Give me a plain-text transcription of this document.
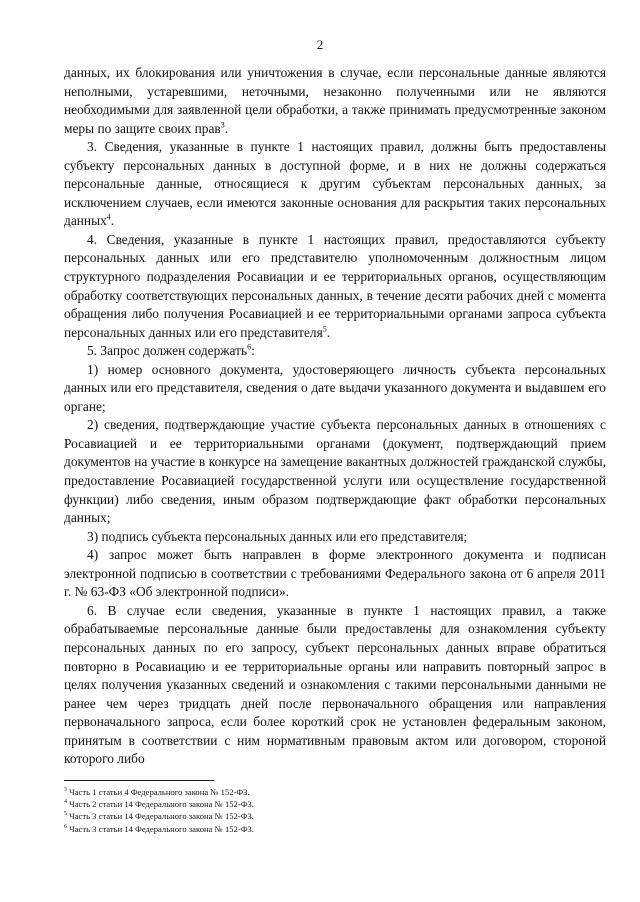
2

данных, их блокирования или уничтожения в случае, если персональные данные являются неполными, устаревшими, неточными, незаконно полученными или не являются необходимыми для заявленной цели обработки, а также принимать предусмотренные законом меры по защите своих прав$^3$.

3. Сведения, указанные в пункте 1 настоящих правил, должны быть предоставлены субъекту персональных данных в доступной форме, и в них не должны содержаться персональные данные, относящиеся к другим субъектам персональных данных, за исключением случаев, если имеются законные основания для раскрытия таких персональных данных$^4$.

4. Сведения, указанные в пункте 1 настоящих правил, предоставляются субъекту персональных данных или его представителю уполномоченным должностным лицом структурного подразделения Росавиации и ее территориальных органов, осуществляющим обработку соответствующих персональных данных, в течение десяти рабочих дней с момента обращения либо получения Росавиацией и ее территориальными органами запроса субъекта персональных данных или его представителя$^5$.

5. Запрос должен содержать$^6$:

1) номер основного документа, удостоверяющего личность субъекта персональных данных или его представителя, сведения о дате выдачи указанного документа и выдавшем его органе;

2) сведения, подтверждающие участие субъекта персональных данных в отношениях с Росавиацией и ее территориальными органами (документ, подтверждающий прием документов на участие в конкурсе на замещение вакантных должностей гражданской службы, предоставление Росавиацией государственной услуги или осуществление государственной функции) либо сведения, иным образом подтверждающие факт обработки персональных данных;

3) подпись субъекта персональных данных или его представителя;

4) запрос может быть направлен в форме электронного документа и подписан электронной подписью в соответствии с требованиями Федерального закона от 6 апреля 2011 г. № 63-ФЗ «Об электронной подписи».

6. В случае если сведения, указанные в пункте 1 настоящих правил, а также обрабатываемые персональные данные были предоставлены для ознакомления субъекту персональных данных по его запросу, субъект персональных данных вправе обратиться повторно в Росавиацию и ее территориальные органы или направить повторный запрос в целях получения указанных сведений и ознакомления с такими персональными данными не ранее чем через тридцать дней после первоначального обращения или направления первоначального запроса, если более короткий срок не установлен федеральным законом, принятым в соответствии с ним нормативным правовым актом или договором, стороной которого либо

$^3$ Часть 1 статьи 4 Федерального закона № 152-ФЗ.
$^4$ Часть 2 статьи 14 Федерального закона № 152-ФЗ.
$^5$ Часть 3 статьи 14 Федерального закона № 152-ФЗ.
$^6$ Часть 3 статьи 14 Федерального закона № 152-ФЗ.
